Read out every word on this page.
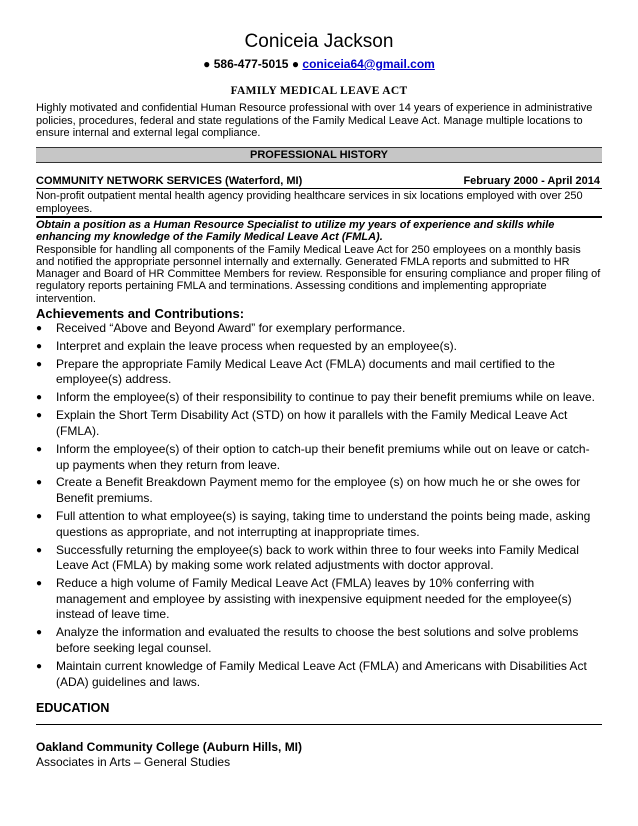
Coniceia Jackson
● 586-477-5015 ● coniceia64@gmail.com
FAMILY MEDICAL LEAVE ACT
Highly motivated and confidential Human Resource professional with over 14 years of experience in administrative policies, procedures, federal and state regulations of the Family Medical Leave Act. Manage multiple locations to ensure internal and external legal compliance.
PROFESSIONAL HISTORY
COMMUNITY NETWORK SERVICES (Waterford, MI)	February 2000 - April 2014
Non-profit outpatient mental health agency providing healthcare services in six locations employed with over 250 employees.
Obtain a position as a Human Resource Specialist to utilize my years of experience and skills while enhancing my knowledge of the Family Medical Leave Act (FMLA).
Responsible for handling all components of the Family Medical Leave Act for 250 employees on a monthly basis and notified the appropriate personnel internally and externally. Generated FMLA reports and submitted to HR Manager and Board of HR Committee Members for review. Responsible for ensuring compliance and proper filing of regulatory reports pertaining FMLA and terminations. Assessing conditions and implementing appropriate intervention.
Achievements and Contributions:
● Received “Above and Beyond Award” for exemplary performance.
● Interpret and explain the leave process when requested by an employee(s).
● Prepare the appropriate Family Medical Leave Act (FMLA) documents and mail certified to the employee(s) address.
● Inform the employee(s) of their responsibility to continue to pay their benefit premiums while on leave.
● Explain the Short Term Disability Act (STD) on how it parallels with the Family Medical Leave Act (FMLA).
● Inform the employee(s) of their option to catch-up their benefit premiums while out on leave or catch-up payments when they return from leave.
● Create a Benefit Breakdown Payment memo for the employee (s) on how much he or she owes for Benefit premiums.
● Full attention to what employee(s) is saying, taking time to understand the points being made, asking questions as appropriate, and not interrupting at inappropriate times.
● Successfully returning the employee(s) back to work within three to four weeks into Family Medical Leave Act (FMLA) by making some work related adjustments with doctor approval.
● Reduce a high volume of Family Medical Leave Act (FMLA) leaves by 10% conferring with management and employee by assisting with inexpensive equipment needed for the employee(s) instead of leave time.
● Analyze the information and evaluated the results to choose the best solutions and solve problems before seeking legal counsel.
● Maintain current knowledge of Family Medical Leave Act (FMLA) and Americans with Disabilities Act (ADA) guidelines and laws.
EDUCATION
Oakland Community College (Auburn Hills, MI)
Associates in Arts – General Studies
